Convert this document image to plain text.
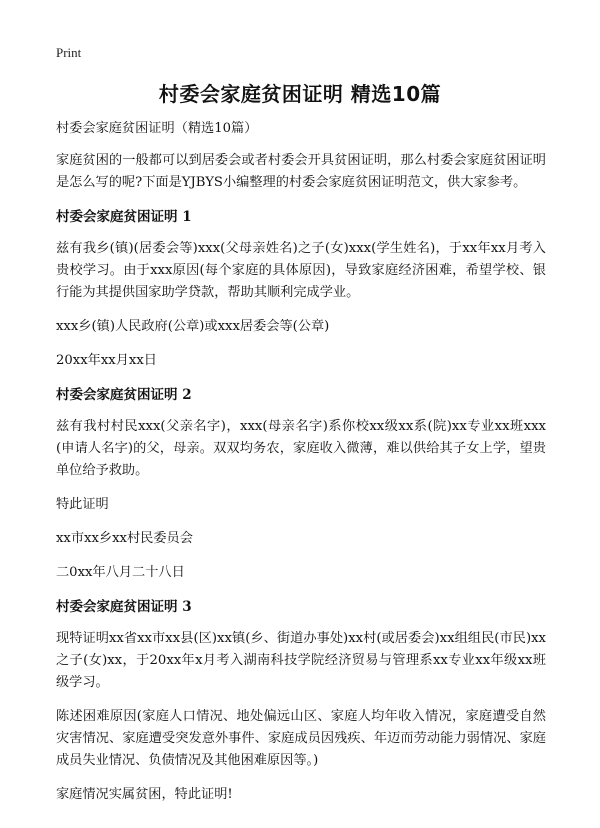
Print
村委会家庭贫困证明 精选10篇

村委会家庭贫困证明（精选10篇）

家庭贫困的一般都可以到居委会或者村委会开具贫困证明，那么村委会家庭贫困证明是怎么写的呢?下面是YJBYS小编整理的村委会家庭贫困证明范文，供大家参考。

村委会家庭贫困证明 1

兹有我乡(镇)(居委会等)xxx(父母亲姓名)之子(女)xxx(学生姓名)，于xx年xx月考入贵校学习。由于xxx原因(每个家庭的具体原因)，导致家庭经济困难，希望学校、银行能为其提供国家助学贷款，帮助其顺利完成学业。

xxx乡(镇)人民政府(公章)或xxx居委会等(公章)

20xx年xx月xx日

村委会家庭贫困证明 2

兹有我村村民xxx(父亲名字)，xxx(母亲名字)系你校xx级xx系(院)xx专业xx班xxx(申请人名字)的父，母亲。双双均务农，家庭收入微薄，难以供给其子女上学，望贵单位给予救助。

特此证明

xx市xx乡xx村民委员会

二0xx年八月二十八日

村委会家庭贫困证明 3

现特证明xx省xx市xx县(区)xx镇(乡、街道办事处)xx村(或居委会)xx组组民(市民)xx之子(女)xx，于20xx年x月考入湖南科技学院经济贸易与管理系xx专业xx年级xx班级学习。

陈述困难原因(家庭人口情况、地处偏远山区、家庭人均年收入情况，家庭遭受自然灾害情况、家庭遭受突发意外事件、家庭成员因残疾、年迈而劳动能力弱情况、家庭成员失业情况、负债情况及其他困难原因等。)

家庭情况实属贫困，特此证明!
